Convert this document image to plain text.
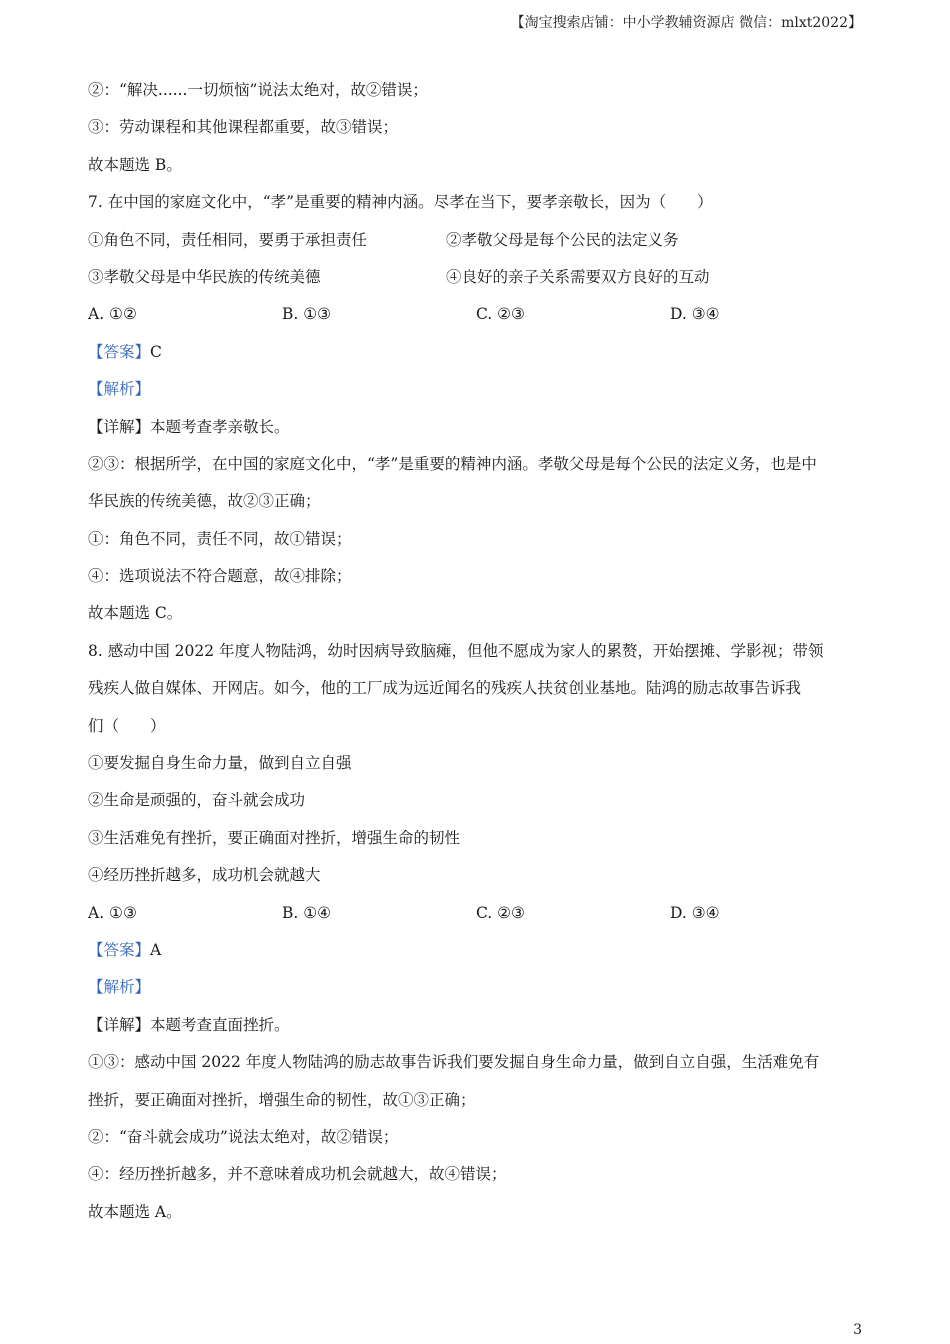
【淘宝搜索店铺：中小学教辅资源店 微信：mlxt2022】
②：“解决......一切烦恼”说法太绝对，故②错误；
③：劳动课程和其他课程都重要，故③错误；
故本题选 B。
7. 在中国的家庭文化中，“孝”是重要的精神内涵。尽孝在当下，要孝亲敬长，因为（　　）
①角色不同，责任相同，要勇于承担责任	②孝敬父母是每个公民的法定义务
③孝敬父母是中华民族的传统美德	④良好的亲子关系需要双方良好的互动
A. ①②	B. ①③	C. ②③	D. ③④
【答案】C
【解析】
【详解】本题考查孝亲敬长。
②③：根据所学，在中国的家庭文化中，“孝”是重要的精神内涵。孝敬父母是每个公民的法定义务，也是中
华民族的传统美德，故②③正确；
①：角色不同，责任不同，故①错误；
④：选项说法不符合题意，故④排除；
故本题选 C。
8. 感动中国 2022 年度人物陆鸿，幼时因病导致脑瘫，但他不愿成为家人的累赘，开始摆摊、学影视；带领
残疾人做自媒体、开网店。如今，他的工厂成为远近闻名的残疾人扶贫创业基地。陆鸿的励志故事告诉我
们（　　）
①要发掘自身生命力量，做到自立自强
②生命是顽强的，奋斗就会成功
③生活难免有挫折，要正确面对挫折，增强生命的韧性
④经历挫折越多，成功机会就越大
A. ①③	B. ①④	C. ②③	D. ③④
【答案】A
【解析】
【详解】本题考查直面挫折。
①③：感动中国 2022 年度人物陆鸿的励志故事告诉我们要发掘自身生命力量，做到自立自强，生活难免有
挫折，要正确面对挫折，增强生命的韧性，故①③正确；
②：“奋斗就会成功”说法太绝对，故②错误；
④：经历挫折越多，并不意味着成功机会就越大，故④错误；
故本题选 A。
3
